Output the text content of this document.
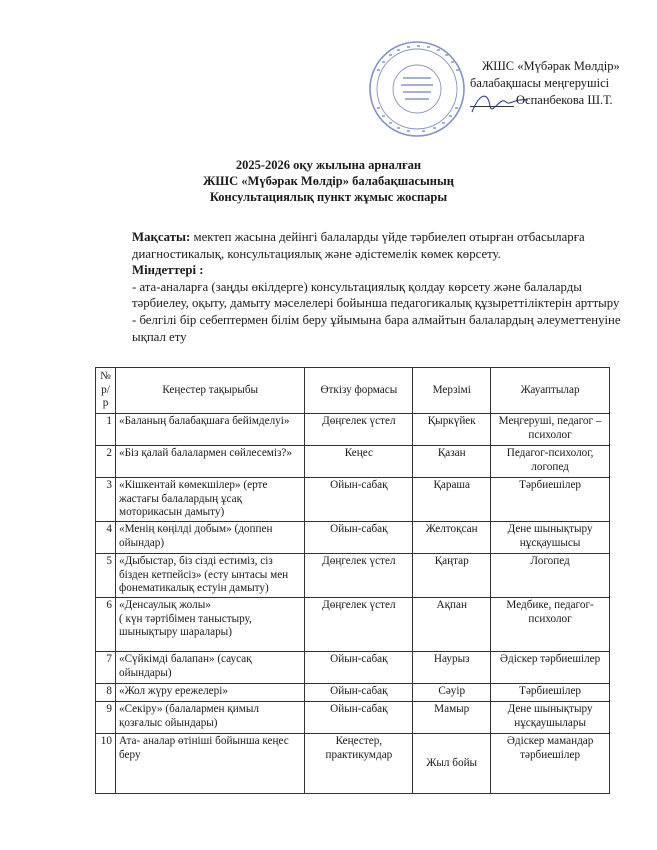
ЖШС «Мүбәрак Мөлдір»
балабақшасы меңгерушісі
Оспанбекова Ш.Т.
2025-2026 оқу жылына арналған
ЖШС «Мүбәрак Мөлдір» балабақшасының
Консультациялық пункт жұмыс жоспары

Мақсаты: мектеп жасына дейінгі балаларды үйде тәрбиелеп отырған отбасыларға диагностикалық, консультациялық және әдістемелік көмек көрсету.

Міндеттері :

- ата-аналарға (заңды өкілдерге) консультациялық қолдау көрсету және балаларды тәрбиелеу, оқыту, дамыту мәселелері бойынша педагогикалық құзыреттіліктерін арттыру

- белгілі бір себептермен білім беру ұйымына бара алмайтын балалардың әлеуметтенуіне ықпал ету

№ р/р	Кеңестер тақырыбы	Өткізу формасы	Мерзімі	Жауаптылар
1	«Баланың балабақшаға бейімделуі»	Дөңгелек үстел	Қыркүйек	Меңгеруші, педагог –психолог
2	«Біз қалай балалармен сөйлесеміз?»	Кеңес	Қазан	Педагог-психолог, логопед
3	«Кішкентай көмекшілер» (ерте жастағы балалардың ұсақ моторикасын дамыту)	Ойын-сабақ	Қараша	Тәрбиешілер
4	«Менің көңілді добым» (доппен ойындар)	Ойын-сабақ	Желтоқсан	Дене шынықтыру нұсқаушысы
5	«Дыбыстар, біз сізді естиміз, сіз бізден кетпейсіз» (есту ынтасы мен фонематикалық естуін дамыту)	Дөңгелек үстел	Қаңтар	Логопед
6	«Денсаулық жолы»
( күн тәртібімен таныстыру, шынықтыру шаралары)	Дөңгелек үстел	Ақпан	Медбике, педагог-психолог
7	«Сүйкімді балапан» (саусақ ойындары)	Ойын-сабақ	Наурыз	Әдіскер тәрбиешілер
8	«Жол жүру ережелері»	Ойын-сабақ	Сәуір	Тәрбиешілер
9	«Секіру» (балалармен қимыл қозғалыс ойындары)	Ойын-сабақ	Мамыр	Дене шынықтыру нұсқаушылары
10	Ата- аналар өтініші бойынша кеңес беру	Кеңестер, практикумдар	Жыл бойы	Әдіскер мамандар тәрбиешілер
